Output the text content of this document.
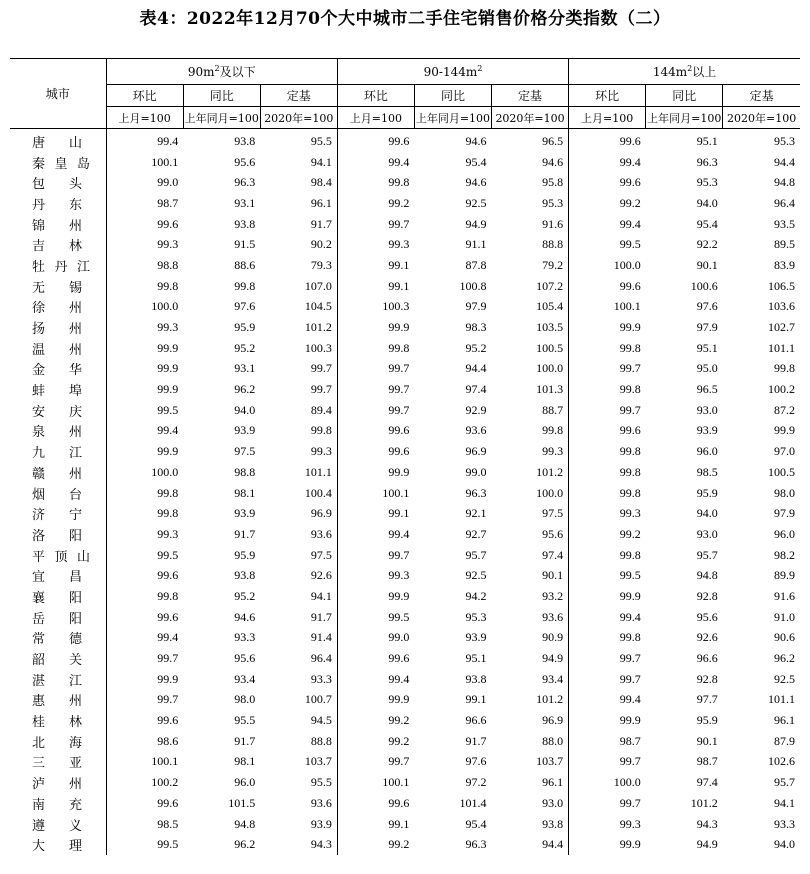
表4：2022年12月70个大中城市二手住宅销售价格分类指数（二）
城市	$90m^2$及以下			$90-144m^2$			$144m^2$以上		
	环比	同比	定基	环比	同比	定基	环比	同比	定基
	上月=100	上年同月=100	2020年=100	上月=100	上年同月=100	2020年=100	上月=100	上年同月=100	2020年=100

唐 山	99.4	93.8	95.5	99.6	94.6	96.5	99.6	95.1	95.3

秦 皇 岛	100.1	95.6	94.1	99.4	95.4	94.6	99.4	96.3	94.4

包 头	99.0	96.3	98.4	99.8	94.6	95.8	99.6	95.3	94.8

丹 东	98.7	93.1	96.1	99.2	92.5	95.3	99.2	94.0	96.4

锦 州	99.6	93.8	91.7	99.7	94.9	91.6	99.4	95.4	93.5

吉 林	99.3	91.5	90.2	99.3	91.1	88.8	99.5	92.2	89.5

牡 丹 江	98.8	88.6	79.3	99.1	87.8	79.2	100.0	90.1	83.9

无 锡	99.8	99.8	107.0	99.1	100.8	107.2	99.6	100.6	106.5

徐 州	100.0	97.6	104.5	100.3	97.9	105.4	100.1	97.6	103.6

扬 州	99.3	95.9	101.2	99.9	98.3	103.5	99.9	97.9	102.7

温 州	99.9	95.2	100.3	99.8	95.2	100.5	99.8	95.1	101.1

金 华	99.9	93.1	99.7	99.7	94.4	100.0	99.7	95.0	99.8

蚌 埠	99.9	96.2	99.7	99.7	97.4	101.3	99.8	96.5	100.2

安 庆	99.5	94.0	89.4	99.7	92.9	88.7	99.7	93.0	87.2

泉 州	99.4	93.9	99.8	99.6	93.6	99.8	99.6	93.9	99.9

九 江	99.9	97.5	99.3	99.6	96.9	99.3	99.8	96.0	97.0

赣 州	100.0	98.8	101.1	99.9	99.0	101.2	99.8	98.5	100.5

烟 台	99.8	98.1	100.4	100.1	96.3	100.0	99.8	95.9	98.0

济 宁	99.8	93.9	96.9	99.1	92.1	97.5	99.3	94.0	97.9

洛 阳	99.3	91.7	93.6	99.4	92.7	95.6	99.2	93.0	96.0

平 顶 山	99.5	95.9	97.5	99.7	95.7	97.4	99.8	95.7	98.2

宜 昌	99.6	93.8	92.6	99.3	92.5	90.1	99.5	94.8	89.9

襄 阳	99.8	95.2	94.1	99.9	94.2	93.2	99.9	92.8	91.6

岳 阳	99.6	94.6	91.7	99.5	95.3	93.6	99.4	95.6	91.0

常 德	99.4	93.3	91.4	99.0	93.9	90.9	99.8	92.6	90.6

韶 关	99.7	95.6	96.4	99.6	95.1	94.9	99.7	96.6	96.2

湛 江	99.9	93.4	93.3	99.4	93.8	93.4	99.7	92.8	92.5

惠 州	99.7	98.0	100.7	99.9	99.1	101.2	99.4	97.7	101.1

桂 林	99.6	95.5	94.5	99.2	96.6	96.9	99.9	95.9	96.1

北 海	98.6	91.7	88.8	99.2	91.7	88.0	98.7	90.1	87.9

三 亚	100.1	98.1	103.7	99.7	97.6	103.7	99.7	98.7	102.6

泸 州	100.2	96.0	95.5	100.1	97.2	96.1	100.0	97.4	95.7

南 充	99.6	101.5	93.6	99.6	101.4	93.0	99.7	101.2	94.1

遵 义	98.5	94.8	93.9	99.1	95.4	93.8	99.3	94.3	93.3

大 理	99.5	96.2	94.3	99.2	96.3	94.4	99.9	94.9	94.0
